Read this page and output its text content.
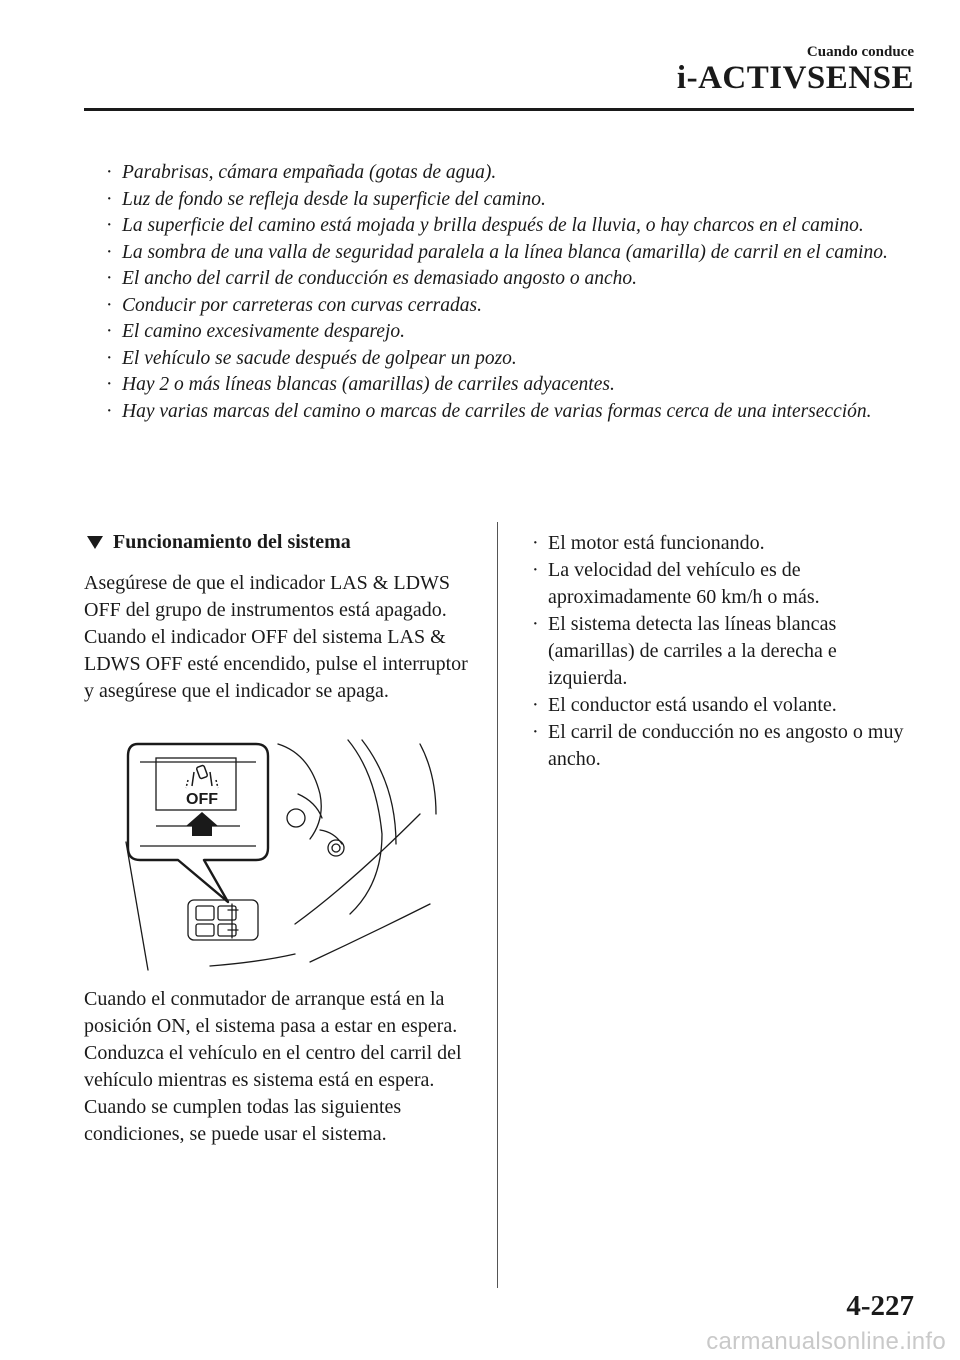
Cuando conduce
i-ACTIVSENSE
· Parabrisas, cámara empañada (gotas de agua).
· Luz de fondo se refleja desde la superficie del camino.
· La superficie del camino está mojada y brilla después de la lluvia, o hay charcos en el camino.
· La sombra de una valla de seguridad paralela a la línea blanca (amarilla) de carril en el camino.
· El ancho del carril de conducción es demasiado angosto o ancho.
· Conducir por carreteras con curvas cerradas.
· El camino excesivamente desparejo.
· El vehículo se sacude después de golpear un pozo.
· Hay 2 o más líneas blancas (amarillas) de carriles adyacentes.
· Hay varias marcas del camino o marcas de carriles de varias formas cerca de una intersección.
Funcionamiento del sistema

Asegúrese de que el indicador LAS & LDWS OFF del grupo de instrumentos está apagado. Cuando el indicador OFF del sistema LAS & LDWS OFF esté encendido, pulse el interruptor y asegúrese que el indicador se apaga.

OFF
Cuando el conmutador de arranque está en la posición ON, el sistema pasa a estar en espera.
Conduzca el vehículo en el centro del carril del vehículo mientras es sistema está en espera. Cuando se cumplen todas las siguientes condiciones, se puede usar el sistema.
· El motor está funcionando.
· La velocidad del vehículo es de aproximadamente 60 km/h o más.
· El sistema detecta las líneas blancas (amarillas) de carriles a la derecha e izquierda.
· El conductor está usando el volante.
· El carril de conducción no es angosto o muy ancho.
4-227
carmanualsonline.info
